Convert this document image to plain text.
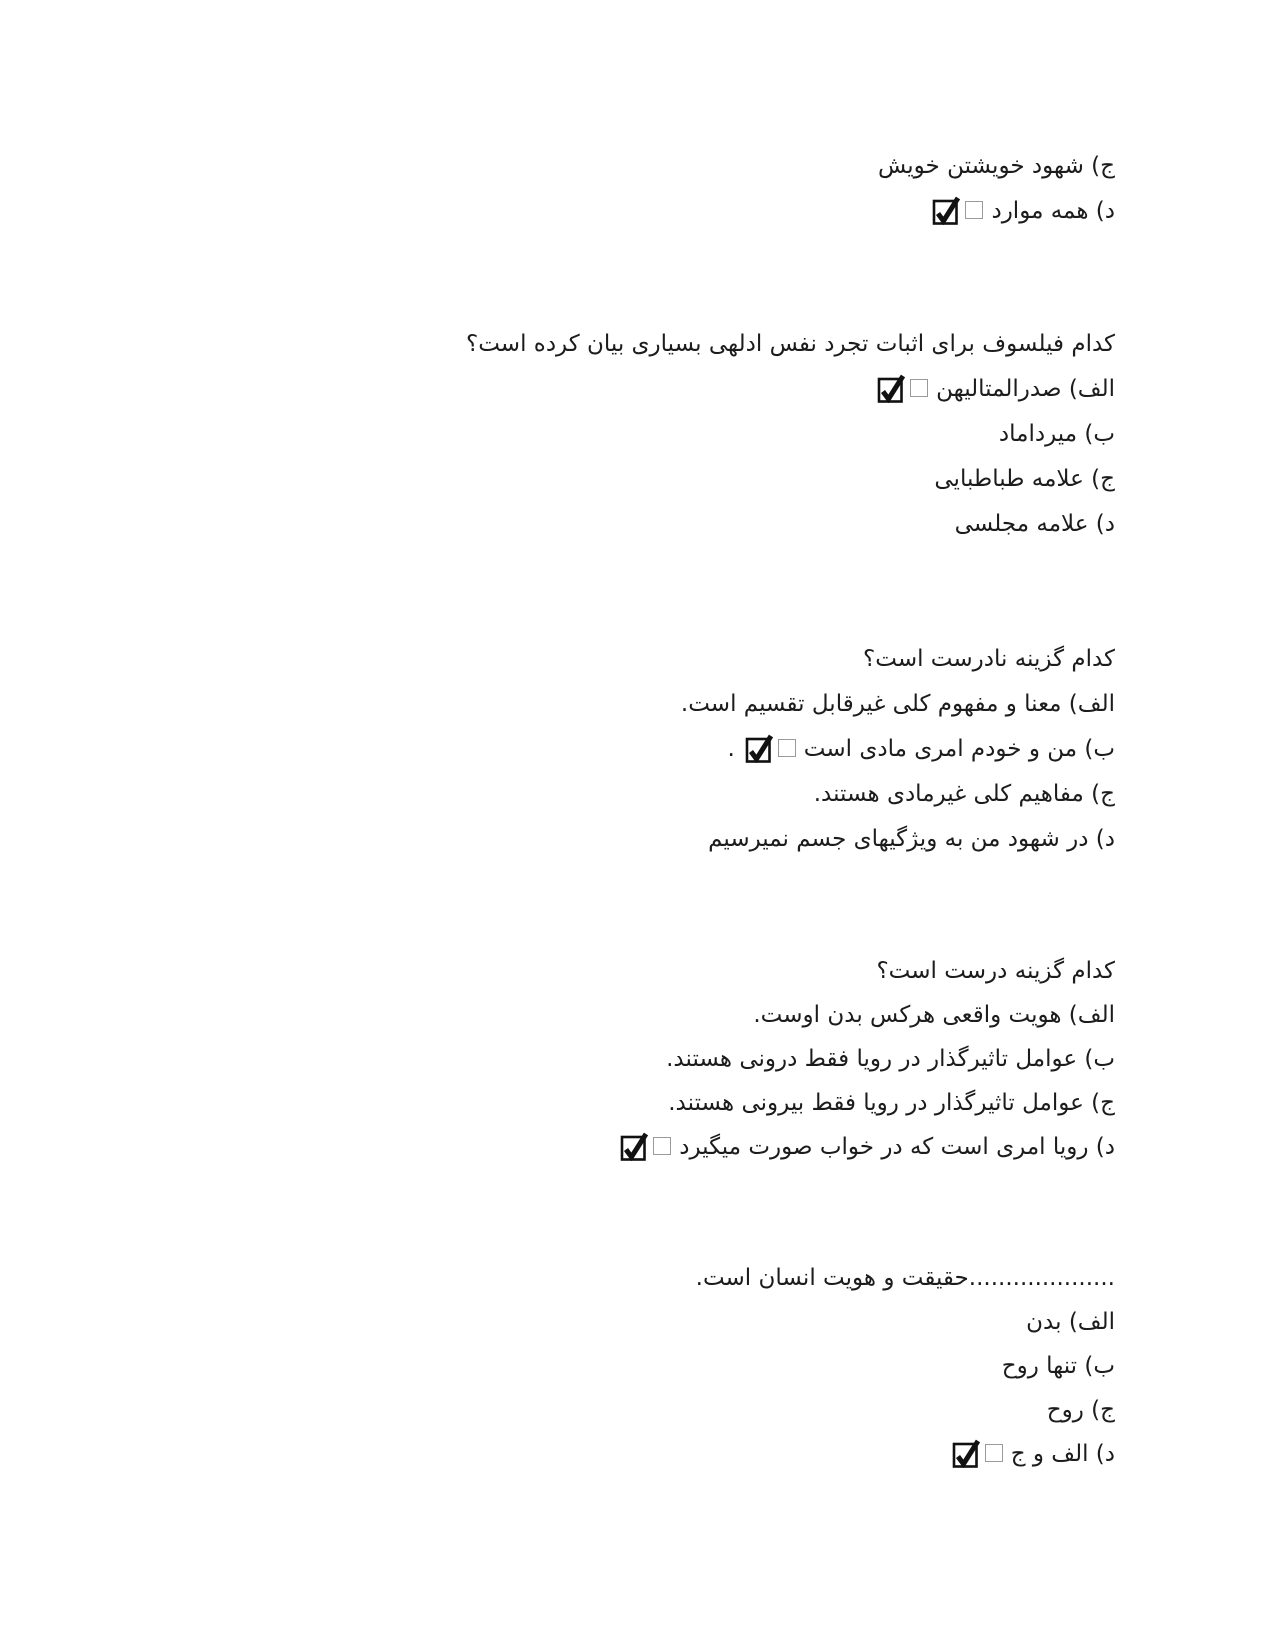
ج) شهود خویشتن خویش
د) همه موارد
کدام فیلسوف برای اثبات تجرد نفس ادلهی بسیاری بیان کرده است؟
الف) صدرالمتالیهن
ب) میرداماد
ج) علامه طباطبایی
د) علامه مجلسی
کدام گزینه نادرست است؟
الف) معنا و مفهوم کلی غیرقابل تقسیم است.
ب) من و خودم امری مادی است
.
ج) مفاهیم کلی غیرمادی هستند.
د) در شهود من به ویژگیهای جسم نمیرسیم
کدام گزینه درست است؟
الف) هویت واقعی هرکس بدن اوست.
ب) عوامل تاثیرگذار در رویا فقط درونی هستند.
ج) عوامل تاثیرگذار در رویا فقط بیرونی هستند.
د) رویا امری است که در خواب صورت میگیرد
....................حقیقت و هویت انسان است.
الف) بدن
ب) تنها روح
ج) روح
د) الف و ج
